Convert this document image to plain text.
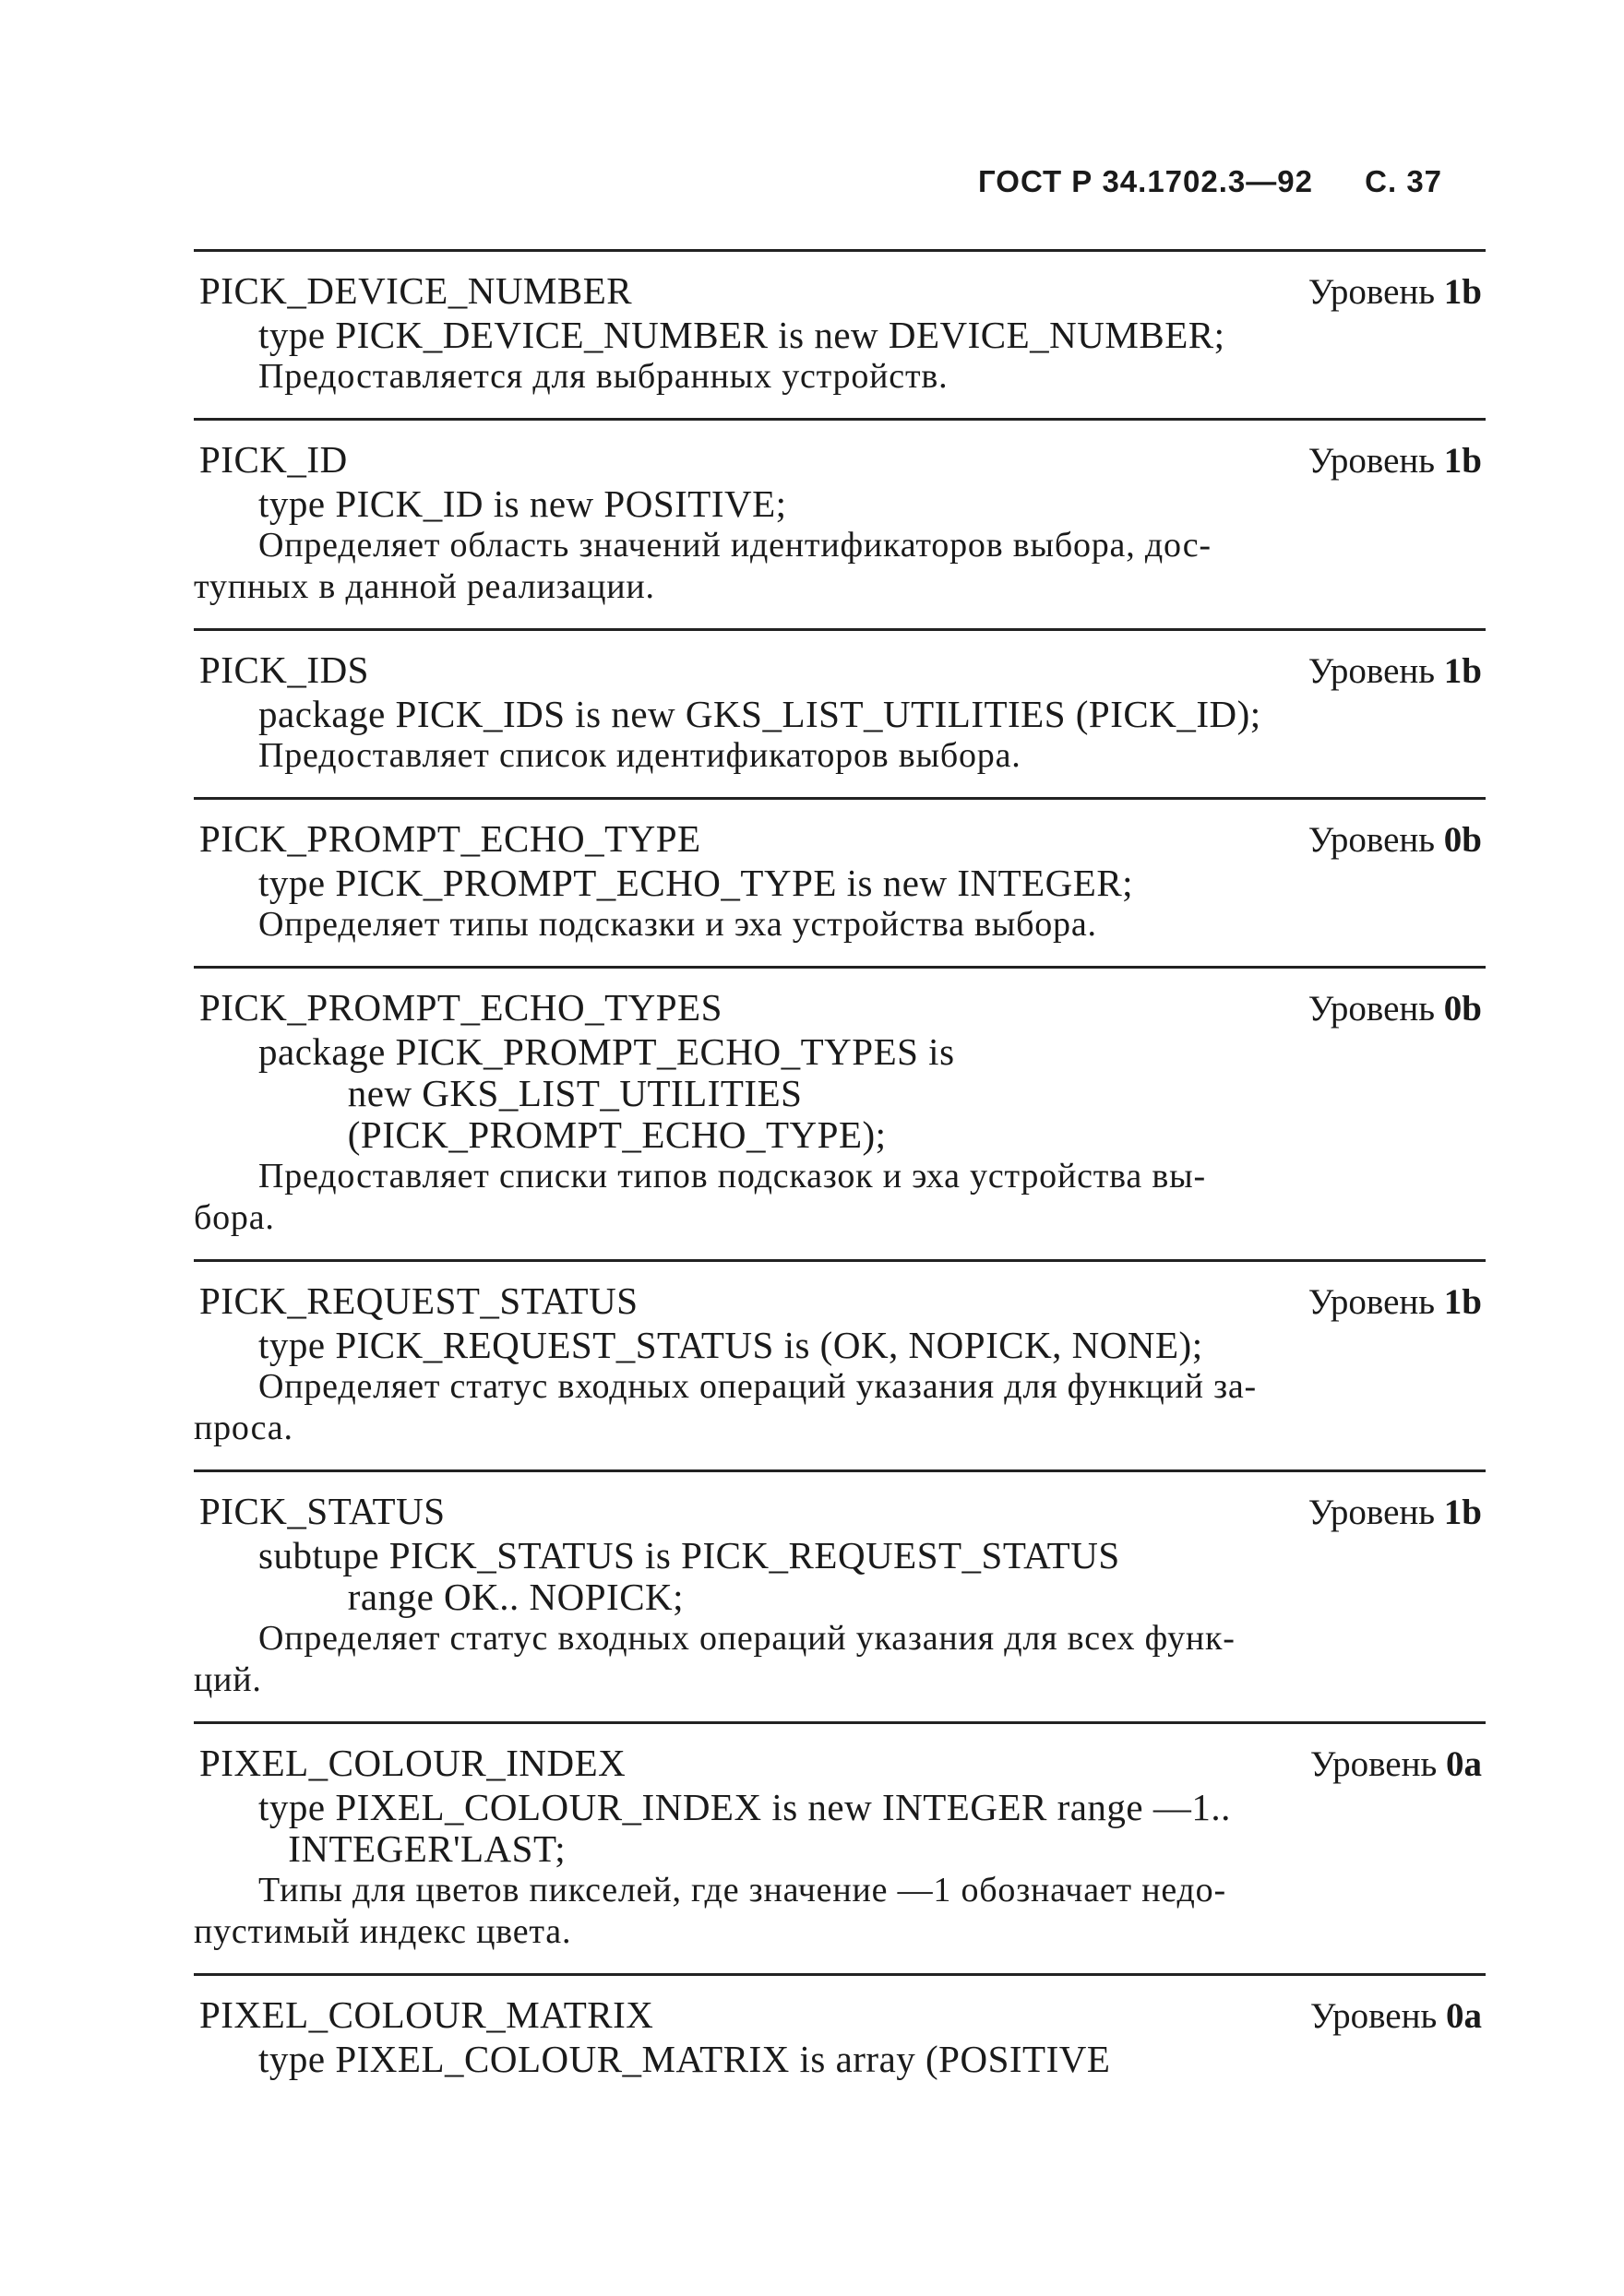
ГОСТ Р 34.1702.3—92 С. 37
PICK_DEVICE_NUMBER	Уровень 1b
type PICK_DEVICE_NUMBER is new DEVICE_NUMBER;
Предоставляется для выбранных устройств.
PICK_ID	Уровень 1b
type PICK_ID is new POSITIVE;
Определяет область значений идентификаторов выбора, дос-
тупных в данной реализации.
PICK_IDS	Уровень 1b
package PICK_IDS is new GKS_LIST_UTILITIES (PICK_ID);
Предоставляет список идентификаторов выбора.
PICK_PROMPT_ECHO_TYPE	Уровень 0b
type PICK_PROMPT_ECHO_TYPE is new INTEGER;
Определяет типы подсказки и эха устройства выбора.
PICK_PROMPT_ECHO_TYPES	Уровень 0b
package PICK_PROMPT_ECHO_TYPES is
new GKS_LIST_UTILITIES
(PICK_PROMPT_ECHO_TYPE);
Предоставляет списки типов подсказок и эха устройства вы-
бора.
PICK_REQUEST_STATUS	Уровень 1b
type PICK_REQUEST_STATUS is (OK, NOPICK, NONE);
Определяет статус входных операций указания для функций за-
проса.
PICK_STATUS	Уровень 1b
subtupe PICK_STATUS is PICK_REQUEST_STATUS
range OK.. NOPICK;
Определяет статус входных операций указания для всех функ-
ций.
PIXEL_COLOUR_INDEX	Уровень 0a
type PIXEL_COLOUR_INDEX is new INTEGER range —1..
INTEGER'LAST;
Типы для цветов пикселей, где значение —1 обозначает недо-
пустимый индекс цвета.
PIXEL_COLOUR_MATRIX	Уровень 0a
type PIXEL_COLOUR_MATRIX is array (POSITIVE
